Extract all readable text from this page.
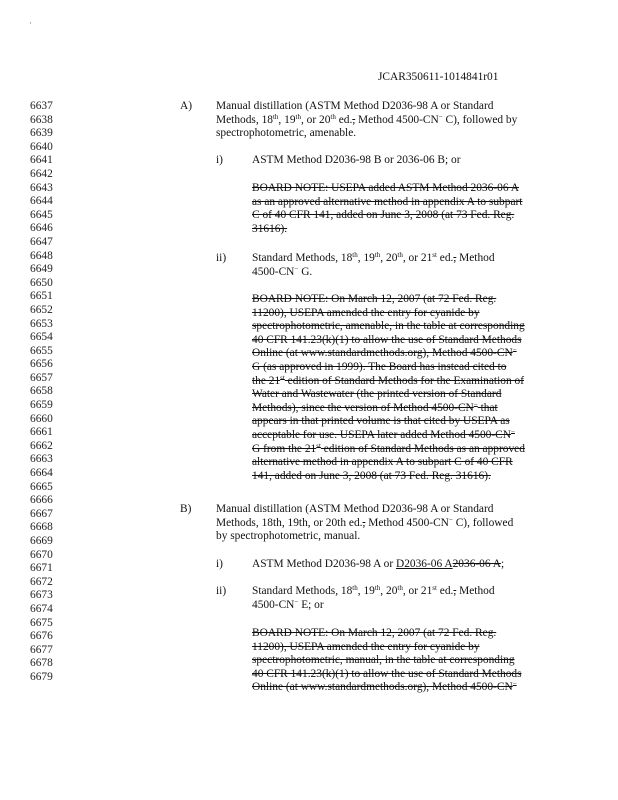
·
JCAR350611-1014841r01
6637
6638
6639
6640
6641
6642
6643
6644
6645
6646
6647
6648
6649
6650
6651
6652
6653
6654
6655
6656
6657
6658
6659
6660
6661
6662
6663
6664
6665
6666
6667
6668
6669
6670
6671
6672
6673
6674
6675
6676
6677
6678
6679
A) Manual distillation (ASTM Method D2036-98 A or Standard
Methods, 18th, 19th, or 20th ed., Method 4500-CN− C), followed by
spectrophotometric, amenable.
i)	ASTM Method D2036-98 B or 2036-06 B; or
BOARD NOTE: USEPA added ASTM Method 2036-06 A
as an approved alternative method in appendix A to subpart
C of 40 CFR 141, added on June 3, 2008 (at 73 Fed. Reg.
31616).
ii) Standard Methods, 18th, 19th, 20th, or 21st ed., Method
4500-CN− G.
BOARD NOTE: On March 12, 2007 (at 72 Fed. Reg.
11200), USEPA amended the entry for cyanide by
spectrophotometric, amenable, in the table at corresponding
40 CFR 141.23(k)(1) to allow the use of Standard Methods
Online (at www.standardmethods.org), Method 4500-CN−
G (as approved in 1999). The Board has instead cited to
the 21st edition of Standard Methods for the Examination of
Water and Wastewater (the printed version of Standard
Methods), since the version of Method 4500-CN− that
appears in that printed volume is that cited by USEPA as
acceptable for use. USEPA later added Method 4500-CN−
G from the 21st edition of Standard Methods as an approved
alternative method in appendix A to subpart C of 40 CFR
141, added on June 3, 2008 (at 73 Fed. Reg. 31616).
B) Manual distillation (ASTM Method D2036-98 A or Standard
Methods, 18th, 19th, or 20th ed., Method 4500-CN− C), followed
by spectrophotometric, manual.
i)	ASTM Method D2036-98 A or D2036-06 A2036-06 A;
ii) Standard Methods, 18th, 19th, 20th, or 21st ed., Method
4500-CN− E; or
BOARD NOTE: On March 12, 2007 (at 72 Fed. Reg.
11200), USEPA amended the entry for cyanide by
spectrophotometric, manual, in the table at corresponding
40 CFR 141.23(k)(1) to allow the use of Standard Methods
Online (at www.standardmethods.org), Method 4500-CN−
